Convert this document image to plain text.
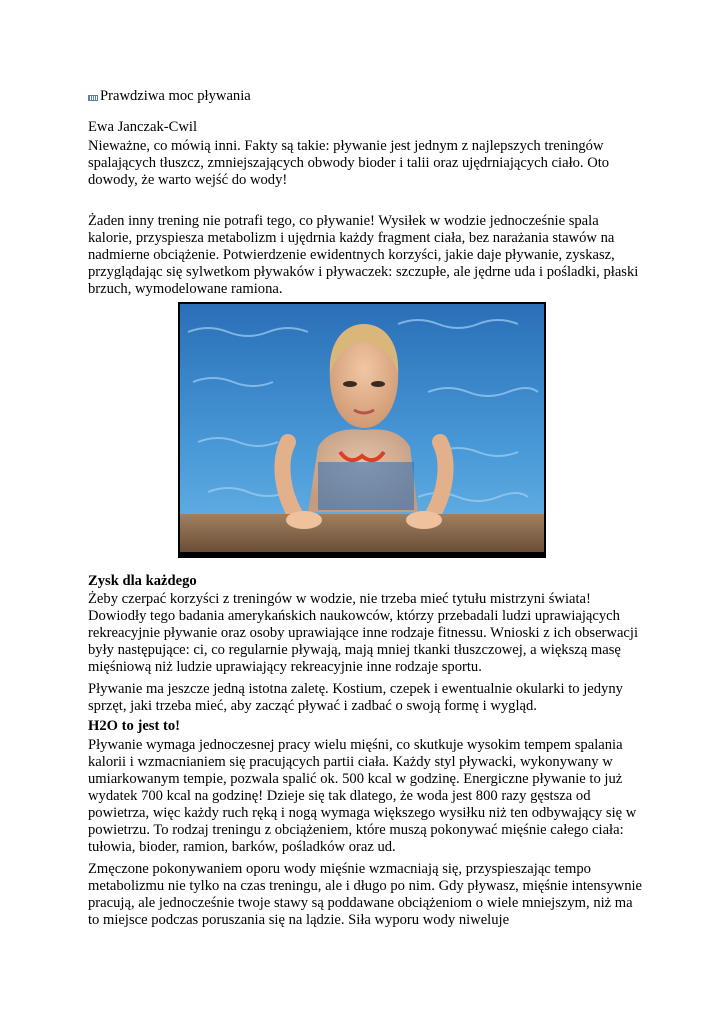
Prawdziwa moc pływania
Ewa Janczak-Cwil

Nieważne, co mówią inni. Fakty są takie: pływanie jest jednym z najlepszych treningów spalających tłuszcz, zmniejszających obwody bioder i talii oraz ujędrniających ciało. Oto dowody, że warto wejść do wody!

Żaden inny trening nie potrafi tego, co pływanie! Wysiłek w wodzie jednocześnie spala kalorie, przyspiesza metabolizm i ujędrnia każdy fragment ciała, bez narażania stawów na nadmierne obciążenie. Potwierdzenie ewidentnych korzyści, jakie daje pływanie, zyskasz, przyglądając się sylwetkom pływaków i pływaczek: szczupłe, ale jędrne uda i pośladki, płaski brzuch, wymodelowane ramiona.

Zysk dla każdego

Żeby czerpać korzyści z treningów w wodzie, nie trzeba mieć tytułu mistrzyni świata! Dowiodły tego badania amerykańskich naukowców, którzy przebadali ludzi uprawiających rekreacyjnie pływanie oraz osoby uprawiające inne rodzaje fitnessu. Wnioski z ich obserwacji były następujące: ci, co regularnie pływają, mają mniej tkanki tłuszczowej, a większą masę mięśniową niż ludzie uprawiający rekreacyjnie inne rodzaje sportu.

Pływanie ma jeszcze jedną istotna zaletę. Kostium, czepek i ewentualnie okularki to jedyny sprzęt, jaki trzeba mieć, aby zacząć pływać i zadbać o swoją formę i wygląd.

H2O to jest to!

Pływanie wymaga jednoczesnej pracy wielu mięśni, co skutkuje wysokim tempem spalania kalorii i wzmacnianiem się pracujących partii ciała. Każdy styl pływacki, wykonywany w umiarkowanym tempie, pozwala spalić ok. 500 kcal w godzinę. Energiczne pływanie to już wydatek 700 kcal na godzinę! Dzieje się tak dlatego, że woda jest 800 razy gęstsza od powietrza, więc każdy ruch ręką i nogą wymaga większego wysiłku niż ten odbywający się w powietrzu. To rodzaj treningu z obciążeniem, które muszą pokonywać mięśnie całego ciała: tułowia, bioder, ramion, barków, pośladków oraz ud.

Zmęczone pokonywaniem oporu wody mięśnie wzmacniają się, przyspieszając tempo metabolizmu nie tylko na czas treningu, ale i długo po nim. Gdy pływasz, mięśnie intensywnie pracują, ale jednocześnie twoje stawy są poddawane obciążeniom o wiele mniejszym, niż ma to miejsce podczas poruszania się na lądzie. Siła wyporu wody niweluje
